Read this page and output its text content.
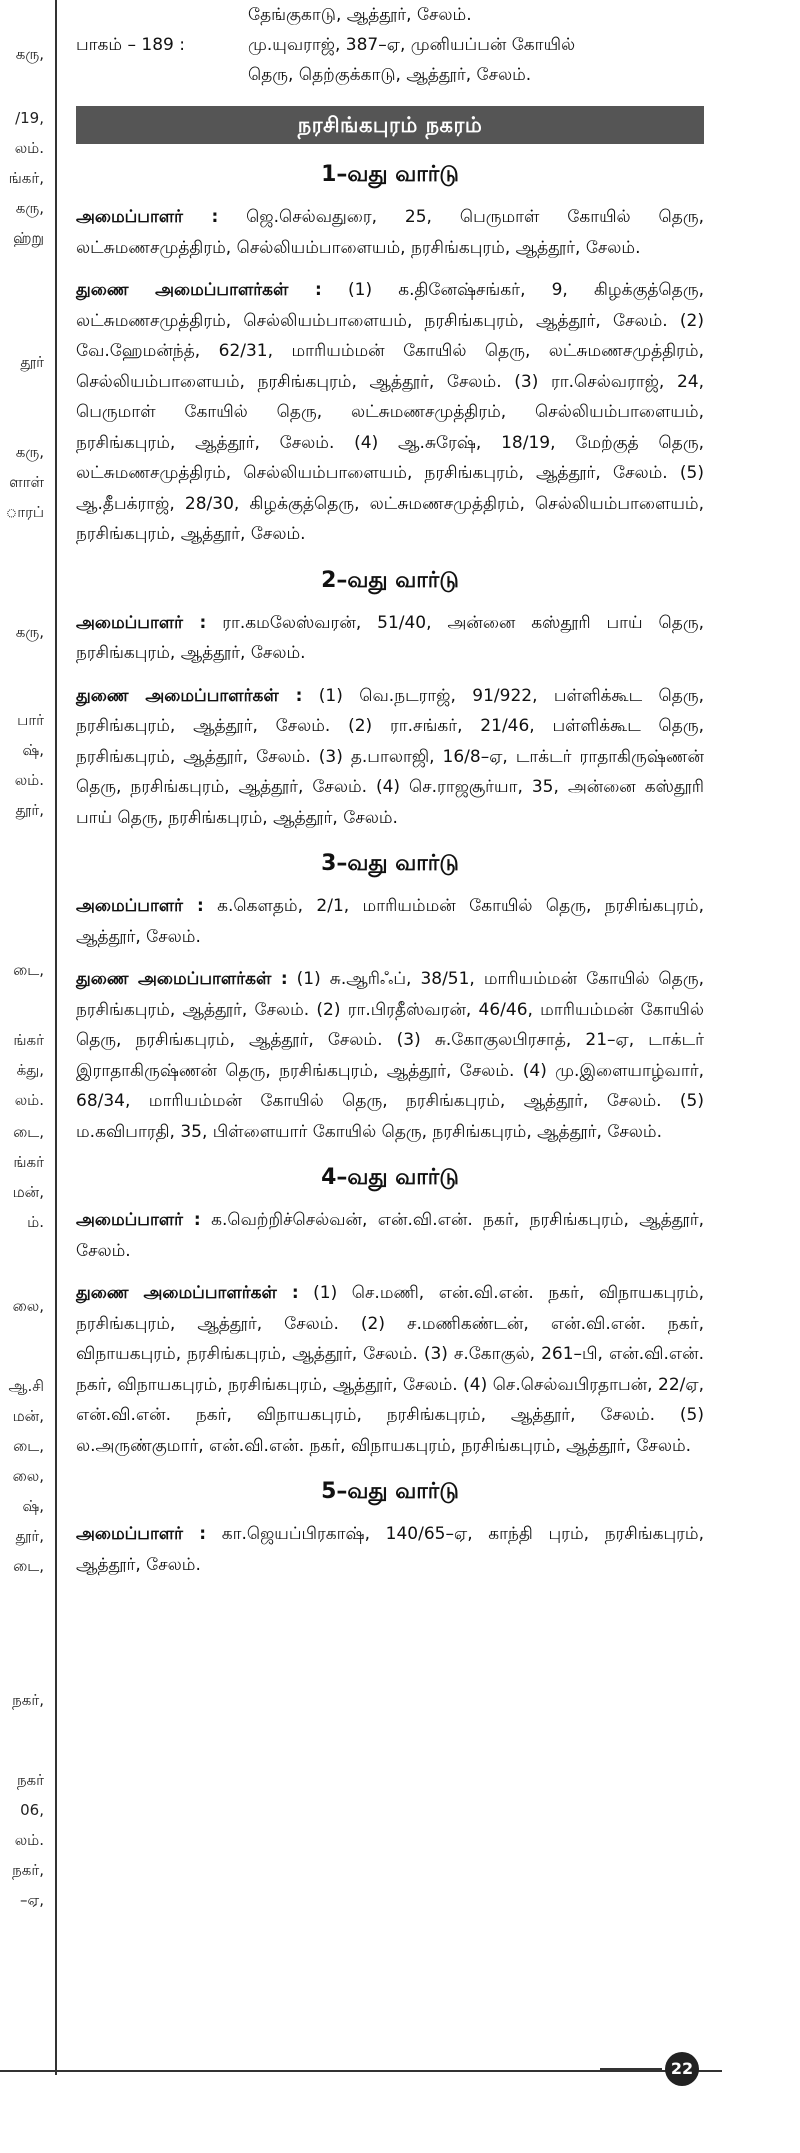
கரு,
/19,
லம்.
ங்கர்,
கரு,
ஹ்று
தூர்
கரு,
ளாள்
ாரப்
கரு,
பார்
ஷ்,
லம்.
தூர்,
டை,
ங்கர்
க்து,
லம்.
டை,
ங்கர்
மன்,
ம்.
லை,
ஆ.சி
மன்,
டை,
லை,
ஷ்,
தூர்,
டை,
நகர்,
நகர்
06,
லம்.
நகர்,
–ஏ,
தேங்குகாடு, ஆத்தூர், சேலம்.
பாகம் – 189 :	மு.யுவராஜ், 387–ஏ, முனியப்பன் கோயில்
தெரு, தெற்குக்காடு, ஆத்தூர், சேலம்.
நரசிங்கபுரம் நகரம்
1–வது வார்டு

அமைப்பாளர் : ஜெ.செல்வதுரை, 25, பெருமாள் கோயில் தெரு, லட்சுமணசமுத்திரம், செல்லியம்பாளையம், நரசிங்கபுரம், ஆத்தூர், சேலம்.

துணை அமைப்பாளர்கள் : (1) க.தினேஷ்சங்கர், 9, கிழக்குத்தெரு, லட்சுமணசமுத்திரம், செல்லியம்பாளையம், நரசிங்கபுரம், ஆத்தூர், சேலம். (2) வே.ஹேமன்ந்த், 62/31, மாரியம்மன் கோயில் தெரு, லட்சுமணசமுத்திரம், செல்லியம்பாளையம், நரசிங்கபுரம், ஆத்தூர், சேலம். (3) ரா.செல்வராஜ், 24, பெருமாள் கோயில் தெரு, லட்சுமணசமுத்திரம், செல்லியம்பாளையம், நரசிங்கபுரம், ஆத்தூர், சேலம். (4) ஆ.சுரேஷ், 18/19, மேற்குத் தெரு, லட்சுமணசமுத்திரம், செல்லியம்பாளையம், நரசிங்கபுரம், ஆத்தூர், சேலம். (5) ஆ.தீபக்ராஜ், 28/30, கிழக்குத்தெரு, லட்சுமணசமுத்திரம், செல்லியம்பாளையம், நரசிங்கபுரம், ஆத்தூர், சேலம்.

2–வது வார்டு

அமைப்பாளர் : ரா.கமலேஸ்வரன், 51/40, அன்னை கஸ்தூரி பாய் தெரு, நரசிங்கபுரம், ஆத்தூர், சேலம்.

துணை அமைப்பாளர்கள் : (1) வெ.நடராஜ், 91/922, பள்ளிக்கூட தெரு, நரசிங்கபுரம், ஆத்தூர், சேலம். (2) ரா.சங்கர், 21/46, பள்ளிக்கூட தெரு, நரசிங்கபுரம், ஆத்தூர், சேலம். (3) த.பாலாஜி, 16/8–ஏ, டாக்டர் ராதாகிருஷ்ணன் தெரு, நரசிங்கபுரம், ஆத்தூர், சேலம். (4) செ.ராஜசூர்யா, 35, அன்னை கஸ்தூரி பாய் தெரு, நரசிங்கபுரம், ஆத்தூர், சேலம்.

3–வது வார்டு

அமைப்பாளர் : க.கௌதம், 2/1, மாரியம்மன் கோயில் தெரு, நரசிங்கபுரம், ஆத்தூர், சேலம்.

துணை அமைப்பாளர்கள் : (1) சு.ஆரிஃப், 38/51, மாரியம்மன் கோயில் தெரு, நரசிங்கபுரம், ஆத்தூர், சேலம். (2) ரா.பிரதீஸ்வரன், 46/46, மாரியம்மன் கோயில் தெரு, நரசிங்கபுரம், ஆத்தூர், சேலம். (3) சு.கோகுலபிரசாத், 21–ஏ, டாக்டர் இராதாகிருஷ்ணன் தெரு, நரசிங்கபுரம், ஆத்தூர், சேலம். (4) மு.இளையாழ்வார், 68/34, மாரியம்மன் கோயில் தெரு, நரசிங்கபுரம், ஆத்தூர், சேலம். (5) ம.கவிபாரதி, 35, பிள்ளையார் கோயில் தெரு, நரசிங்கபுரம், ஆத்தூர், சேலம்.

4–வது வார்டு

அமைப்பாளர் : க.வெற்றிச்செல்வன், என்.வி.என். நகர், நரசிங்கபுரம், ஆத்தூர், சேலம்.

துணை அமைப்பாளர்கள் : (1) செ.மணி, என்.வி.என். நகர், விநாயகபுரம், நரசிங்கபுரம், ஆத்தூர், சேலம். (2) ச.மணிகண்டன், என்.வி.என். நகர், விநாயகபுரம், நரசிங்கபுரம், ஆத்தூர், சேலம். (3) ச.கோகுல், 261–பி, என்.வி.என். நகர், விநாயகபுரம், நரசிங்கபுரம், ஆத்தூர், சேலம். (4) செ.செல்வபிரதாபன், 22/ஏ, என்.வி.என். நகர், விநாயகபுரம், நரசிங்கபுரம், ஆத்தூர், சேலம். (5) ல.அருண்குமார், என்.வி.என். நகர், விநாயகபுரம், நரசிங்கபுரம், ஆத்தூர், சேலம்.

5–வது வார்டு

அமைப்பாளர் : கா.ஜெயப்பிரகாஷ், 140/65–ஏ, காந்தி புரம், நரசிங்கபுரம், ஆத்தூர், சேலம்.

22
